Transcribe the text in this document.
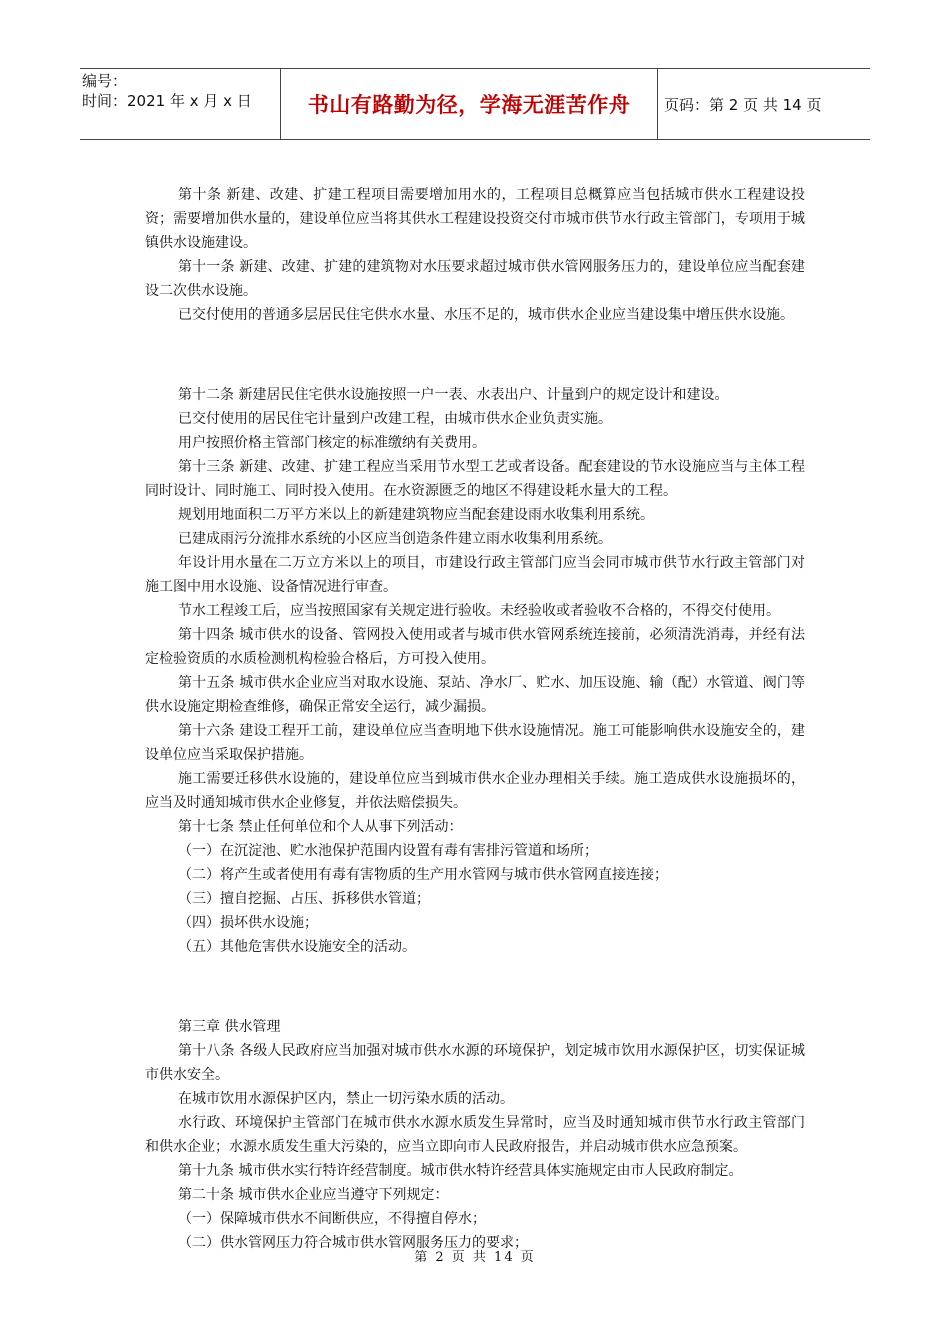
编号：
时间：2021 年 x 月 x 日	书山有路勤为径，学海无涯苦作舟	页码：第 2 页 共 14 页

第十条 新建、改建、扩建工程项目需要增加用水的，工程项目总概算应当包括城市供水工程建设投资；需要增加供水量的，建设单位应当将其供水工程建设投资交付市城市供节水行政主管部门，专项用于城镇供水设施建设。

第十一条 新建、改建、扩建的建筑物对水压要求超过城市供水管网服务压力的，建设单位应当配套建设二次供水设施。

已交付使用的普通多层居民住宅供水水量、水压不足的，城市供水企业应当建设集中增压供水设施。

第十二条 新建居民住宅供水设施按照一户一表、水表出户、计量到户的规定设计和建设。

已交付使用的居民住宅计量到户改建工程，由城市供水企业负责实施。

用户按照价格主管部门核定的标准缴纳有关费用。

第十三条 新建、改建、扩建工程应当采用节水型工艺或者设备。配套建设的节水设施应当与主体工程同时设计、同时施工、同时投入使用。在水资源匮乏的地区不得建设耗水量大的工程。

规划用地面积二万平方米以上的新建建筑物应当配套建设雨水收集利用系统。

已建成雨污分流排水系统的小区应当创造条件建立雨水收集利用系统。

年设计用水量在二万立方米以上的项目，市建设行政主管部门应当会同市城市供节水行政主管部门对施工图中用水设施、设备情况进行审查。

节水工程竣工后，应当按照国家有关规定进行验收。未经验收或者验收不合格的，不得交付使用。

第十四条 城市供水的设备、管网投入使用或者与城市供水管网系统连接前，必须清洗消毒，并经有法定检验资质的水质检测机构检验合格后，方可投入使用。

第十五条 城市供水企业应当对取水设施、泵站、净水厂、贮水、加压设施、输（配）水管道、阀门等供水设施定期检查维修，确保正常安全运行，减少漏损。

第十六条 建设工程开工前，建设单位应当查明地下供水设施情况。施工可能影响供水设施安全的，建设单位应当采取保护措施。

施工需要迁移供水设施的，建设单位应当到城市供水企业办理相关手续。施工造成供水设施损坏的，应当及时通知城市供水企业修复，并依法赔偿损失。

第十七条 禁止任何单位和个人从事下列活动：

（一）在沉淀池、贮水池保护范围内设置有毒有害排污管道和场所；

（二）将产生或者使用有毒有害物质的生产用水管网与城市供水管网直接连接；

（三）擅自挖掘、占压、拆移供水管道；

（四）损坏供水设施；

（五）其他危害供水设施安全的活动。

第三章 供水管理

第十八条 各级人民政府应当加强对城市供水水源的环境保护，划定城市饮用水源保护区，切实保证城市供水安全。

在城市饮用水源保护区内，禁止一切污染水质的活动。

水行政、环境保护主管部门在城市供水水源水质发生异常时，应当及时通知城市供节水行政主管部门和供水企业；水源水质发生重大污染的，应当立即向市人民政府报告，并启动城市供水应急预案。

第十九条 城市供水实行特许经营制度。城市供水特许经营具体实施规定由市人民政府制定。

第二十条 城市供水企业应当遵守下列规定：

（一）保障城市供水不间断供应，不得擅自停水；

（二）供水管网压力符合城市供水管网服务压力的要求；

第 2 页 共 14 页
